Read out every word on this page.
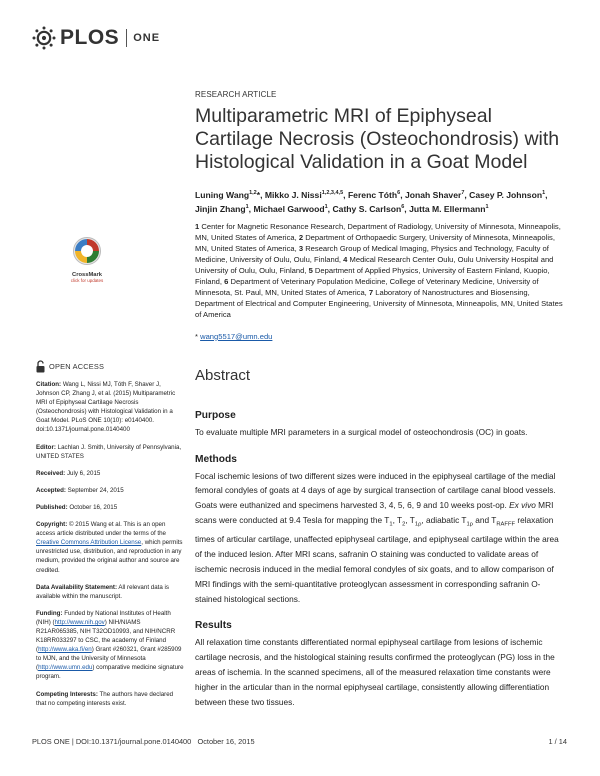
PLOS ONE
CrossMark
click for updates
RESEARCH ARTICLE
Multiparametric MRI of Epiphyseal Cartilage Necrosis (Osteochondrosis) with Histological Validation in a Goat Model
Luning Wang$^{1,2}$*, Mikko J. Nissi$^{1,2,3,4,5}$, Ferenc Tóth$^6$, Jonah Shaver$^7$, Casey P. Johnson$^1$, Jinjin Zhang$^1$, Michael Garwood$^1$, Cathy S. Carlson$^6$, Jutta M. Ellermann$^1$
1 Center for Magnetic Resonance Research, Department of Radiology, University of Minnesota, Minneapolis, MN, United States of America, 2 Department of Orthopaedic Surgery, University of Minnesota, Minneapolis, MN, United States of America, 3 Research Group of Medical Imaging, Physics and Technology, Faculty of Medicine, University of Oulu, Oulu, Finland, 4 Medical Research Center Oulu, Oulu University Hospital and University of Oulu, Oulu, Finland, 5 Department of Applied Physics, University of Eastern Finland, Kuopio, Finland, 6 Department of Veterinary Population Medicine, College of Veterinary Medicine, University of Minnesota, St. Paul, MN, United States of America, 7 Laboratory of Nanostructures and Biosensing, Department of Electrical and Computer Engineering, University of Minnesota, Minneapolis, MN, United States of America
* wang5517@umn.edu
Abstract
Purpose
To evaluate multiple MRI parameters in a surgical model of osteochondrosis (OC) in goats.
Methods
Focal ischemic lesions of two different sizes were induced in the epiphyseal cartilage of the medial femoral condyles of goats at 4 days of age by surgical transection of cartilage canal blood vessels. Goats were euthanized and specimens harvested 3, 4, 5, 6, 9 and 10 weeks post-op. Ex vivo MRI scans were conducted at 9.4 Tesla for mapping the $T_1$, $T_2$, $T_{1\rho}$, adiabatic $T_{1\rho}$ and $T_{RAFFF}$ relaxation times of articular cartilage, unaffected epiphyseal cartilage, and epiphyseal cartilage within the area of the induced lesion. After MRI scans, safranin O staining was conducted to validate areas of ischemic necrosis induced in the medial femoral condyles of six goats, and to allow comparison of MRI findings with the semi-quantitative proteoglycan assessment in corresponding safranin O-stained histological sections.
Results
All relaxation time constants differentiated normal epiphyseal cartilage from lesions of ischemic cartilage necrosis, and the histological staining results confirmed the proteoglycan (PG) loss in the areas of ischemia. In the scanned specimens, all of the measured relaxation time constants were higher in the articular than in the normal epiphyseal cartilage, consistently allowing differentiation between these two tissues.
OPEN ACCESS

Citation: Wang L, Nissi MJ, Tóth F, Shaver J, Johnson CP, Zhang J, et al. (2015) Multiparametric MRI of Epiphyseal Cartilage Necrosis (Osteochondrosis) with Histological Validation in a Goat Model. PLoS ONE 10(10): e0140400. doi:10.1371/journal.pone.0140400

Editor: Lachlan J. Smith, University of Pennsylvania, UNITED STATES

Received: July 6, 2015

Accepted: September 24, 2015

Published: October 16, 2015

Copyright: © 2015 Wang et al. This is an open access article distributed under the terms of the Creative Commons Attribution License, which permits unrestricted use, distribution, and reproduction in any medium, provided the original author and source are credited.

Data Availability Statement: All relevant data is available within the manuscript.

Funding: Funded by National Institutes of Health (NIH) (http://www.nih.gov) NIH/NIAMS R21AR065385, NIH T32OD10993, and NIH/NCRR K18RR033297 to CSC, the academy of Finland (http://www.aka.fi/en) Grant #260321, Grant #285909 to MJN, and the University of Minnesota (http://www.umn.edu) comparative medicine signature program.

Competing Interests: The authors have declared that no competing interests exist.

PLOS ONE | DOI:10.1371/journal.pone.0140400   October 16, 2015	1 / 14
